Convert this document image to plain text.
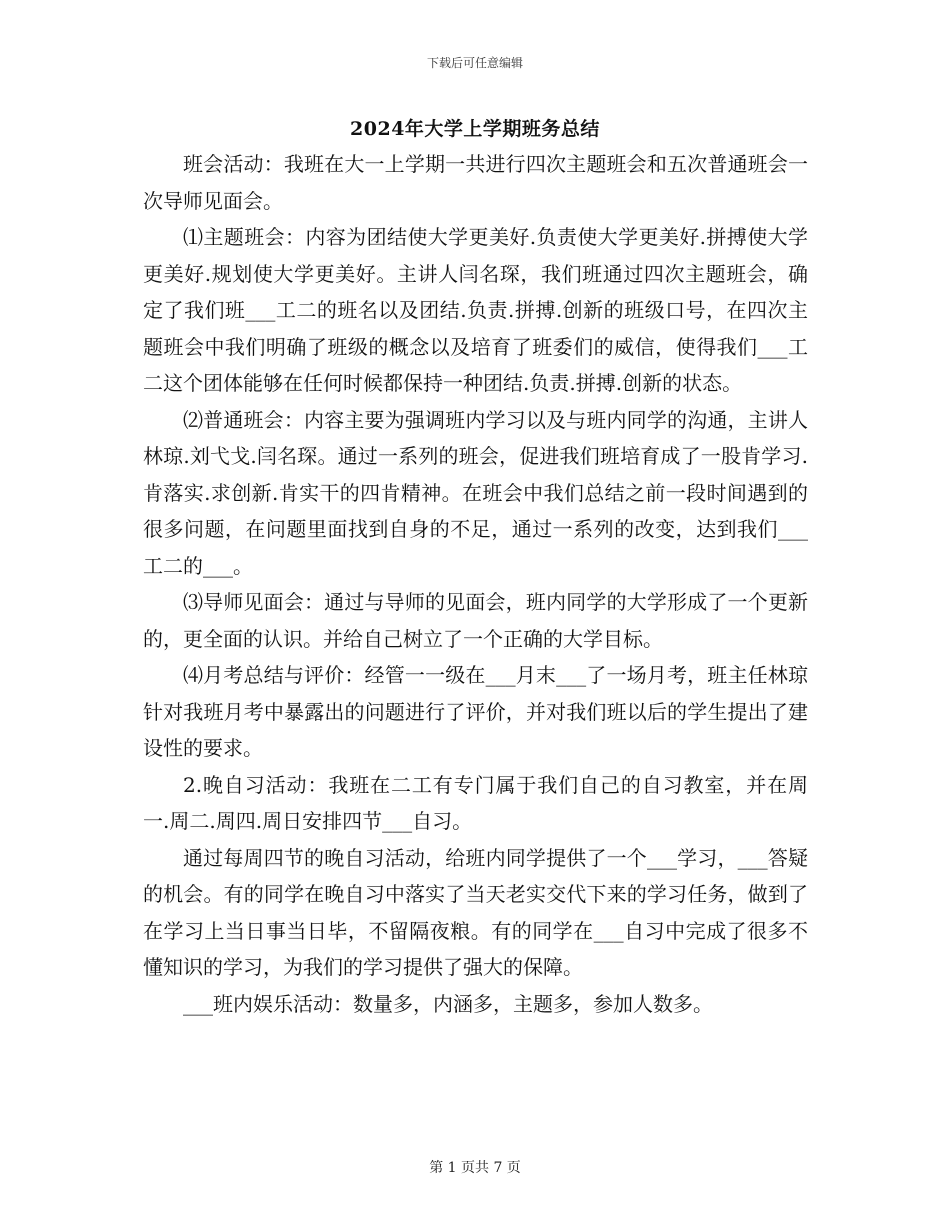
下载后可任意编辑
2024年大学上学期班务总结

班会活动：我班在大一上学期一共进行四次主题班会和五次普通班会一次导师见面会。

⑴主题班会：内容为团结使大学更美好.负责使大学更美好.拼搏使大学更美好.规划使大学更美好。主讲人闫名琛，我们班通过四次主题班会，确定了我们班___工二的班名以及团结.负责.拼搏.创新的班级口号，在四次主题班会中我们明确了班级的概念以及培育了班委们的威信，使得我们___工二这个团体能够在任何时候都保持一种团结.负责.拼搏.创新的状态。

⑵普通班会：内容主要为强调班内学习以及与班内同学的沟通，主讲人林琼.刘弋戈.闫名琛。通过一系列的班会，促进我们班培育成了一股肯学习.肯落实.求创新.肯实干的四肯精神。在班会中我们总结之前一段时间遇到的很多问题，在问题里面找到自身的不足，通过一系列的改变，达到我们___工二的___。

⑶导师见面会：通过与导师的见面会，班内同学的大学形成了一个更新的，更全面的认识。并给自己树立了一个正确的大学目标。

⑷月考总结与评价：经管一一级在___月末___了一场月考，班主任林琼针对我班月考中暴露出的问题进行了评价，并对我们班以后的学生提出了建设性的要求。

2.晚自习活动：我班在二工有专门属于我们自己的自习教室，并在周一.周二.周四.周日安排四节___自习。

通过每周四节的晚自习活动，给班内同学提供了一个___学习，___答疑的机会。有的同学在晚自习中落实了当天老实交代下来的学习任务，做到了在学习上当日事当日毕，不留隔夜粮。有的同学在___自习中完成了很多不懂知识的学习，为我们的学习提供了强大的保障。

___班内娱乐活动：数量多，内涵多，主题多，参加人数多。

第 1 页共 7 页
